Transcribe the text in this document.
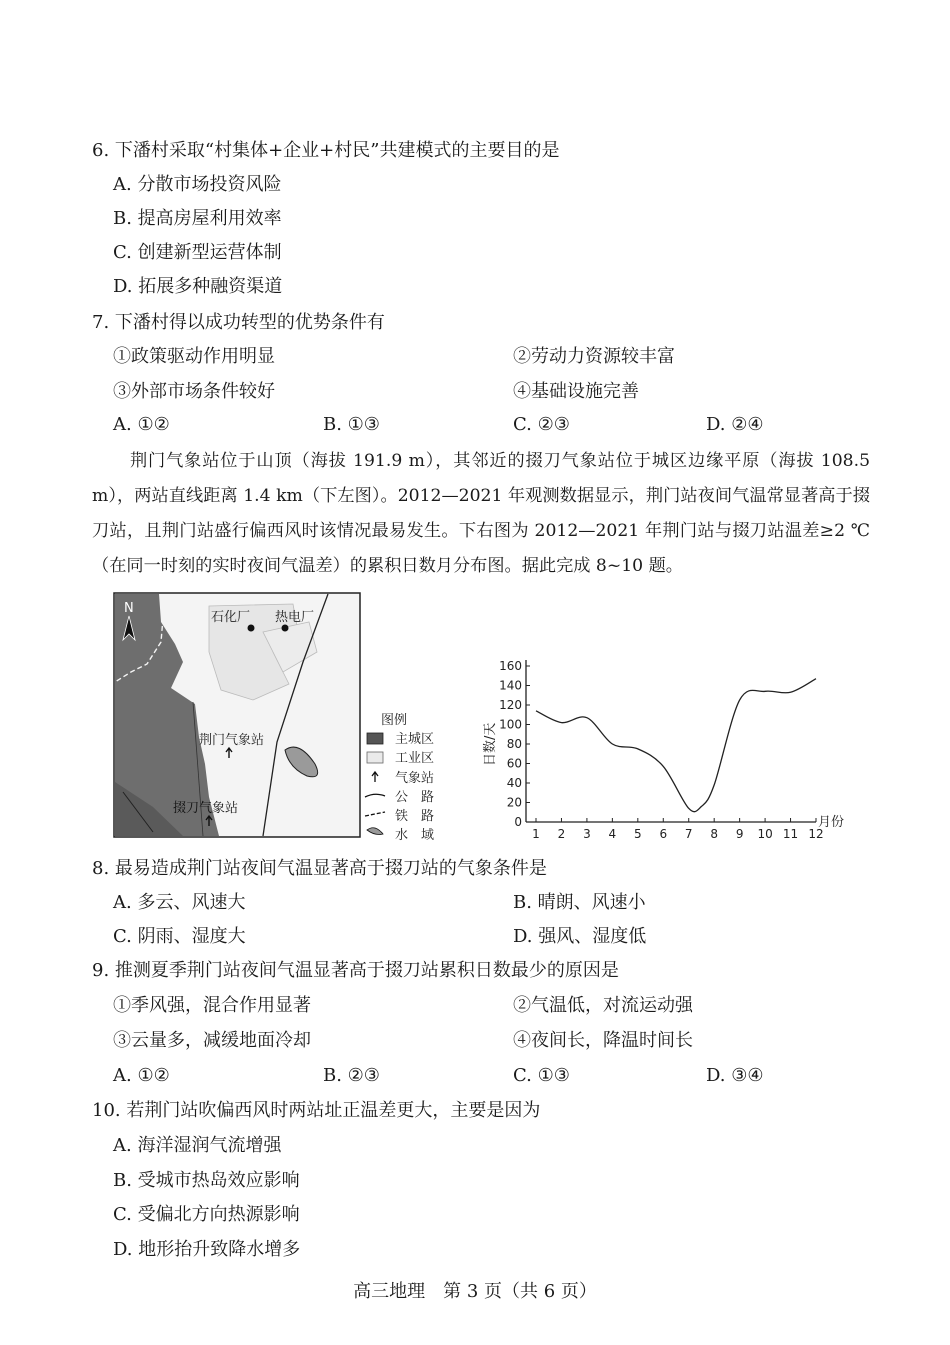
6. 下潘村采取“村集体+企业+村民”共建模式的主要目的是
A. 分散市场投资风险
B. 提高房屋利用效率
C. 创建新型运营体制
D. 拓展多种融资渠道
7. 下潘村得以成功转型的优势条件有
①政策驱动作用明显	②劳动力资源较丰富
③外部市场条件较好	④基础设施完善
A. ①②	B. ①③	C. ②③	D. ②④
荆门气象站位于山顶（海拔 191.9 m），其邻近的掇刀气象站位于城区边缘平原（海拔 108.5 m），两站直线距离 1.4 km（下左图）。2012—2021 年观测数据显示，荆门站夜间气温常显著高于掇刀站，且荆门站盛行偏西风时该情况最易发生。下右图为 2012—2021 年荆门站与掇刀站温差≥2 ℃（在同一时刻的实时夜间气温差）的累积日数月分布图。据此完成 8~10 题。
N
石化厂 热电厂
荆门气象站
掇刀气象站
图例
主城区
工业区
气象站
公　路
铁　路
水　域
0
20
40
60
80
100
120
140
160
1 2 3 4 5 6 7 8 9 10 11 12
日数/天
月份
8. 最易造成荆门站夜间气温显著高于掇刀站的气象条件是
A. 多云、风速大	B. 晴朗、风速小
C. 阴雨、湿度大	D. 强风、湿度低
9. 推测夏季荆门站夜间气温显著高于掇刀站累积日数最少的原因是
①季风强，混合作用显著	②气温低，对流运动强
③云量多，减缓地面冷却	④夜间长，降温时间长
A. ①②	B. ②③	C. ①③	D. ③④
10. 若荆门站吹偏西风时两站址正温差更大，主要是因为
A. 海洋湿润气流增强
B. 受城市热岛效应影响
C. 受偏北方向热源影响
D. 地形抬升致降水增多
高三地理　第 3 页（共 6 页）
